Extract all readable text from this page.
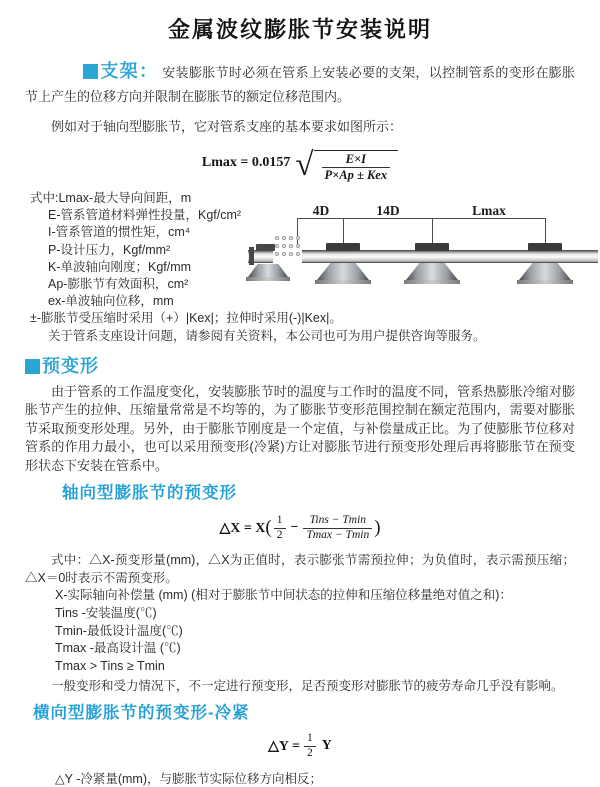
金属波纹膨胀节安装说明
支架： 安装膨胀节时必须在管系上安装必要的支架，以控制管系的变形在膨胀节上产生的位移方向并限制在膨胀节的额定位移范围内。
例如对于轴向型膨胀节，它对管系支座的基本要求如图所示：
Lmax = 0.0157 √ $\frac{E\times I}{\text{P×Ap ± Kex}}$
式中:Lmax-最大导向间距，m
E-管系管道材料弹性投量，Kgf/cm²
I-管系管道的惯性矩，cm⁴
P-设计压力，Kgf/mm²
K-单波轴向刚度；Kgf/mm
Ap-膨胀节有效面积，cm²
ex-单波轴向位移，mm
±-膨胀节受压缩时采用（+）|Kex|；拉伸时采用(-)|Kex|。
关于管系支座设计问题，请参阅有关资料，本公司也可为用户提供咨询等服务。
预变形
由于管系的工作温度变化，安装膨胀节时的温度与工作时的温度不同，管系热膨胀冷缩对膨胀节产生的拉伸、压缩量常常是不均等的，为了膨胀节变形范围控制在额定范围内，需要对膨胀节采取预变形处理。另外，由于膨胀节刚度是一个定值，与补偿量成正比。为了使膨胀节位移对管系的作用力最小，也可以采用预变形(冷紧)方让对膨胀节进行预变形处理后再将膨胀节在预变形状态下安装在管系中。
轴向型膨胀节的预变形
△X = X ( $\frac{1}{2} - \frac{\text{Tins − Tmin}}{Tmax - Tmin}$ )
式中：△X-预变形量(mm)，△X为正值时，表示膨张节需预拉伸；为负值时，表示需预压缩；△X＝0时表示不需预变形。
X-实际轴向补偿量 (mm) (相对于膨胀节中间状态的拉伸和压缩位移量绝对值之和)：
Tins -安装温度(℃)
Tmin-最低设计温度(℃)
Tmax -最高设计温 (℃)
Tmax > Tins ≥ Tmin
一般变形和受力情况下，不一定进行预变形，足否预变形对膨胀节的疲劳寿命几乎没有影响。
横向型膨胀节的预变形-冷紧
△Y = $\frac{1}{2}$ Y
△Y -冷紧量(mm)，与膨胀节实际位移方向相反；
4D	14D	Lmax
